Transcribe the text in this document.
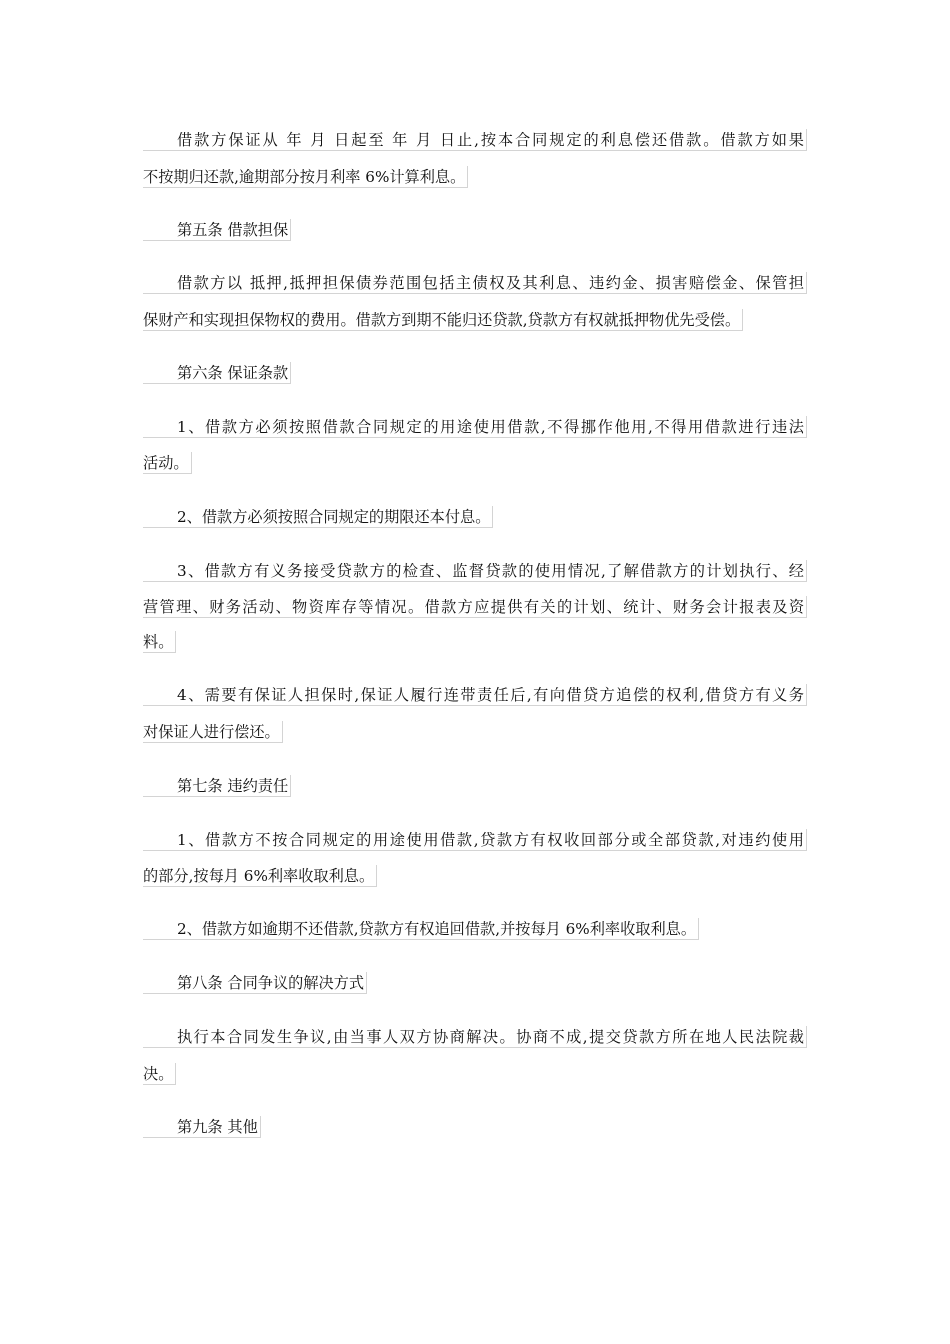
借款方保证从 年 月 日起至 年 月 日止,按本合同规定的利息偿还借款。借款方如果
不按期归还款,逾期部分按月利率 6%计算利息。
第五条 借款担保
借款方以 抵押,抵押担保债券范围包括主债权及其利息、违约金、损害赔偿金、保管担
保财产和实现担保物权的费用。借款方到期不能归还贷款,贷款方有权就抵押物优先受偿。
第六条 保证条款
1、借款方必须按照借款合同规定的用途使用借款,不得挪作他用,不得用借款进行违法
活动。
2、借款方必须按照合同规定的期限还本付息。
3、借款方有义务接受贷款方的检查、监督贷款的使用情况,了解借款方的计划执行、经
营管理、财务活动、物资库存等情况。借款方应提供有关的计划、统计、财务会计报表及资
料。
4、需要有保证人担保时,保证人履行连带责任后,有向借贷方追偿的权利,借贷方有义务
对保证人进行偿还。
第七条 违约责任
1、借款方不按合同规定的用途使用借款,贷款方有权收回部分或全部贷款,对违约使用
的部分,按每月 6%利率收取利息。
2、借款方如逾期不还借款,贷款方有权追回借款,并按每月 6%利率收取利息。
第八条 合同争议的解决方式
执行本合同发生争议,由当事人双方协商解决。协商不成,提交贷款方所在地人民法院裁
决。
第九条 其他
